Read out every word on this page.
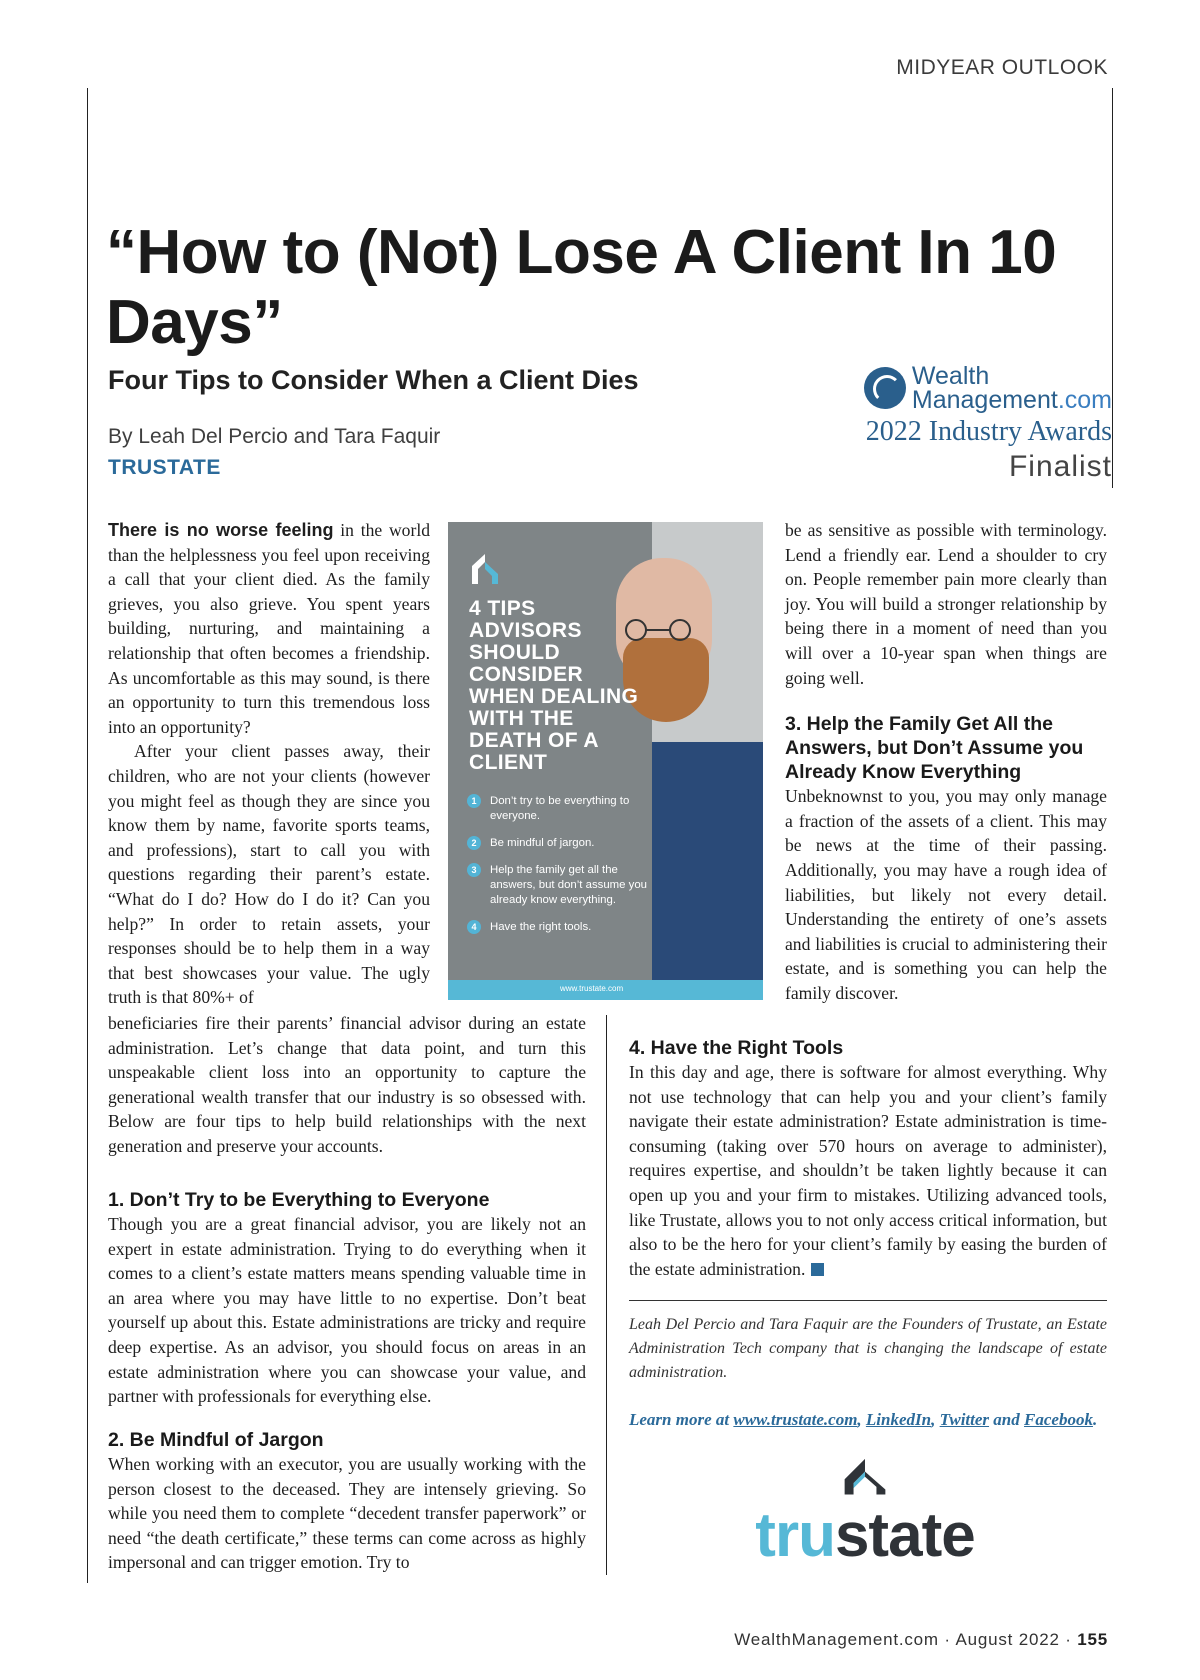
MIDYEAR OUTLOOK
“How to (Not) Lose A Client In 10 Days”
Four Tips to Consider When a Client Dies
By Leah Del Percio and Tara Faquir
TRUSTATE
Wealth
Management.com
2022 Industry Awards
Finalist

There is no worse feeling in the world than the helplessness you feel upon receiving a call that your client died. As the family grieves, you also grieve. You spent years building, nurturing, and maintaining a relationship that often becomes a friendship. As uncomfortable as this may sound, is there an opportunity to turn this tremendous loss into an opportunity?

After your client passes away, their children, who are not your clients (however you might feel as though they are since you know them by name, favorite sports teams, and professions), start to call you with questions regarding their parent’s estate. “What do I do? How do I do it? Can you help?” In order to retain assets, your responses should be to help them in a way that best showcases your value. The ugly truth is that 80%+ of

beneficiaries fire their parents’ financial advisor during an estate administration. Let’s change that data point, and turn this unspeakable client loss into an opportunity to capture the generational wealth transfer that our industry is so obsessed with. Below are four tips to help build relationships with the next generation and preserve your accounts.
1. Don’t Try to be Everything to Everyone

Though you are a great financial advisor, you are likely not an expert in estate administration. Trying to do everything when it comes to a client’s estate matters means spending valuable time in an area where you may have little to no expertise. Don’t beat yourself up about this. Estate administrations are tricky and require deep expertise. As an advisor, you should focus on areas in an estate administration where you can showcase your value, and partner with professionals for everything else.

2. Be Mindful of Jargon

When working with an executor, you are usually working with the person closest to the deceased. They are intensely grieving. So while you need them to complete “decedent transfer paperwork” or need “the death certificate,” these terms can come across as highly impersonal and can trigger emotion. Try to

4 TIPS ADVISORS SHOULD CONSIDER WHEN DEALING WITH THE DEATH OF A CLIENT
1	Don’t try to be everything to everyone.
2	Be mindful of jargon.
3	Help the family get all the answers, but don’t assume you already know everything.
4	Have the right tools.
www.trustate.com

be as sensitive as possible with terminology. Lend a friendly ear. Lend a shoulder to cry on. People remember pain more clearly than joy. You will build a stronger relationship by being there in a moment of need than you will over a 10-year span when things are going well.

3. Help the Family Get All the Answers, but Don’t Assume you Already Know Everything

Unbeknownst to you, you may only manage a fraction of the assets of a client. This may be news at the time of their passing. Additionally, you may have a rough idea of liabilities, but likely not every detail. Understanding the entirety of one’s assets and liabilities is crucial to administering their estate, and is something you can help the family discover.

4. Have the Right Tools

In this day and age, there is software for almost everything. Why not use technology that can help you and your client’s family navigate their estate administration? Estate administration is time-consuming (taking over 570 hours on average to administer), requires expertise, and shouldn’t be taken lightly because it can open up you and your firm to mistakes. Utilizing advanced tools, like Trustate, allows you to not only access critical information, but also to be the hero for your client’s family by easing the burden of the estate administration.

Leah Del Percio and Tara Faquir are the Founders of Trustate, an Estate Administration Tech company that is changing the landscape of estate administration.

Learn more at www.trustate.com, LinkedIn, Twitter and Facebook.
trustate
WealthManagement.com · August 2022 · 155
